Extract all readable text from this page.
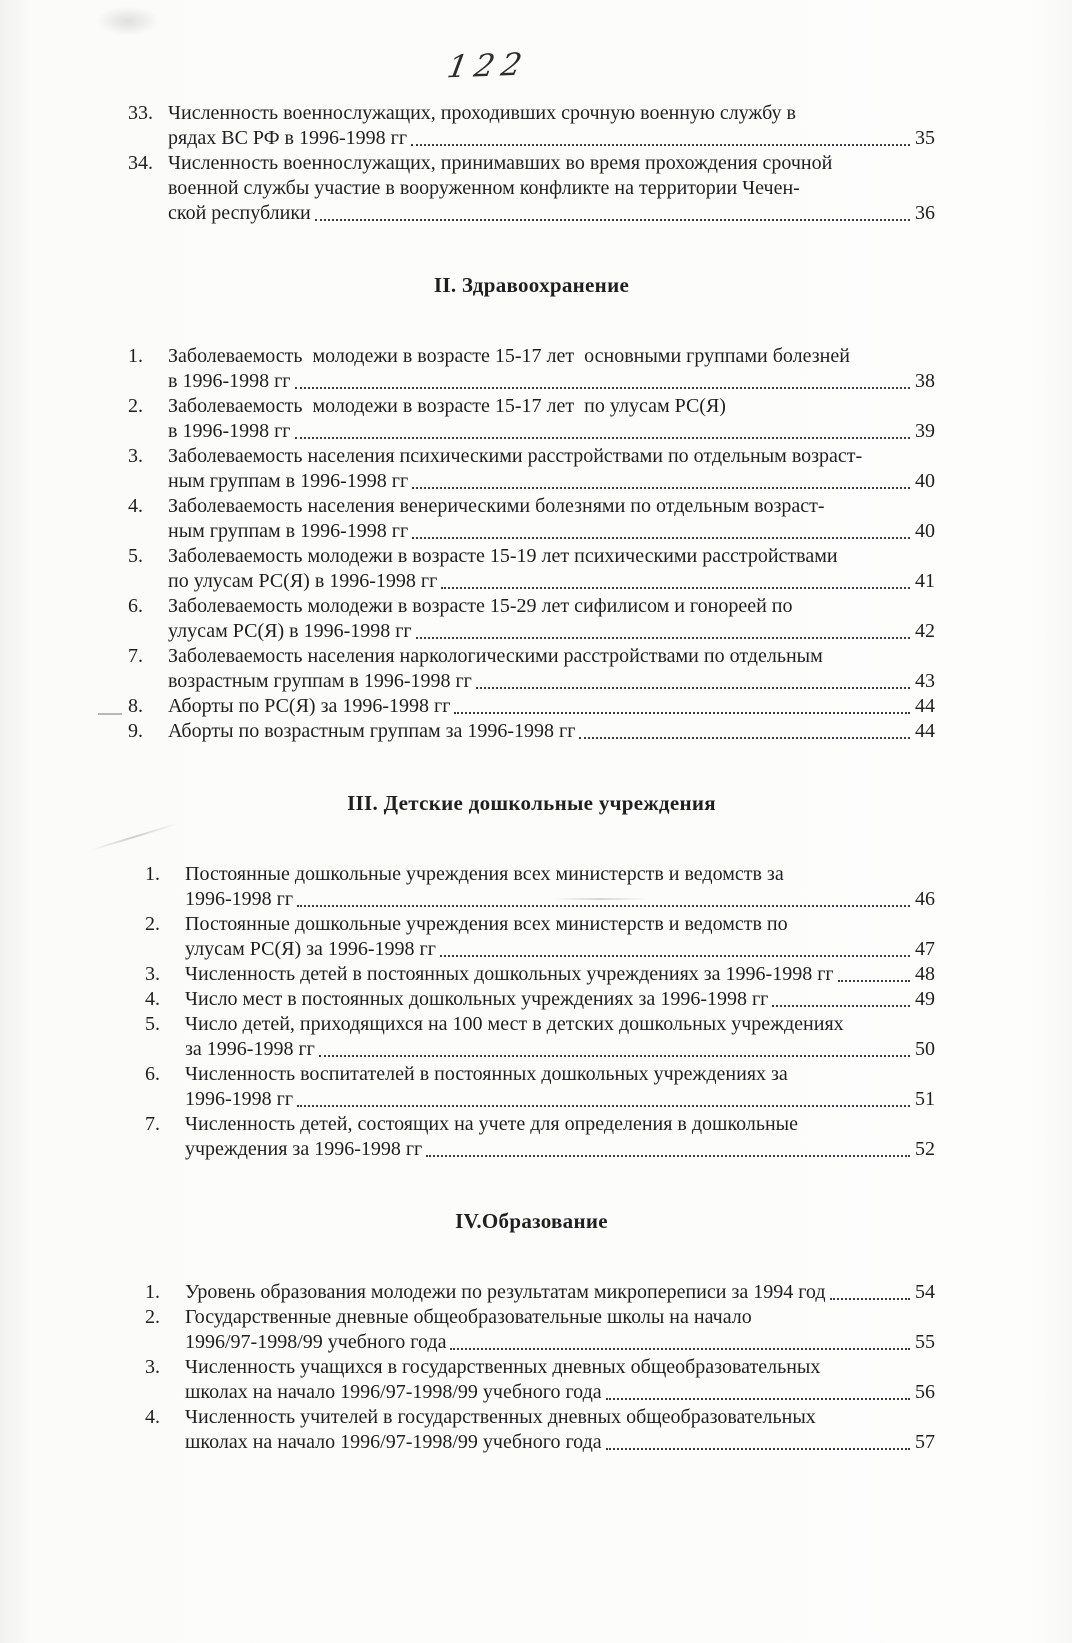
122
33. Численность военнослужащих, проходивших срочную военную службу в
рядах ВС РФ в 1996-1998 гг	35
34. Численность военнослужащих, принимавших во время прохождения срочной
военной службы участие в вооруженном конфликте на территории Чечен-
ской республики	36
II. Здравоохранение
1.	Заболеваемость  молодежи в возрасте 15-17 лет  основными группами болезней
в 1996-1998 гг	38
2.	Заболеваемость  молодежи в возрасте 15-17 лет  по улусам РС(Я)
в 1996-1998 гг	39
3.	Заболеваемость населения психическими расстройствами по отдельным возраст-
ным группам в 1996-1998 гг	40
4.	Заболеваемость населения венерическими болезнями по отдельным возраст-
ным группам в 1996-1998 гг	40
5.	Заболеваемость молодежи в возрасте 15-19 лет психическими расстройствами
по улусам РС(Я) в 1996-1998 гг	41
6.	Заболеваемость молодежи в возрасте 15-29 лет сифилисом и гонореей по
улусам РС(Я) в 1996-1998 гг	42
7.	Заболеваемость населения наркологическими расстройствами по отдельным
возрастным группам в 1996-1998 гг	43
8.	Аборты по РС(Я) за 1996-1998 гг	44
9.	Аборты по возрастным группам за 1996-1998 гг	44
III. Детские дошкольные учреждения
1.	Постоянные дошкольные учреждения всех министерств и ведомств за
1996-1998 гг	46
2.	Постоянные дошкольные учреждения всех министерств и ведомств по
улусам РС(Я) за 1996-1998 гг	47
3.	Численность детей в постоянных дошкольных учреждениях за 1996-1998 гг	48
4.	Число мест в постоянных дошкольных учреждениях за 1996-1998 гг	49
5.	Число детей, приходящихся на 100 мест в детских дошкольных учреждениях
за 1996-1998 гг	50
6.	Численность воспитателей в постоянных дошкольных учреждениях за
1996-1998 гг	51
7.	Численность детей, состоящих на учете для определения в дошкольные
учреждения за 1996-1998 гг	52
IV.Образование
1.	Уровень образования молодежи по результатам микропереписи за 1994 год	54
2.	Государственные дневные общеобразовательные школы на начало
1996/97-1998/99 учебного года	55
3.	Численность учащихся в государственных дневных общеобразовательных
школах на начало 1996/97-1998/99 учебного года	56
4.	Численность учителей в государственных дневных общеобразовательных
школах на начало 1996/97-1998/99 учебного года	57
